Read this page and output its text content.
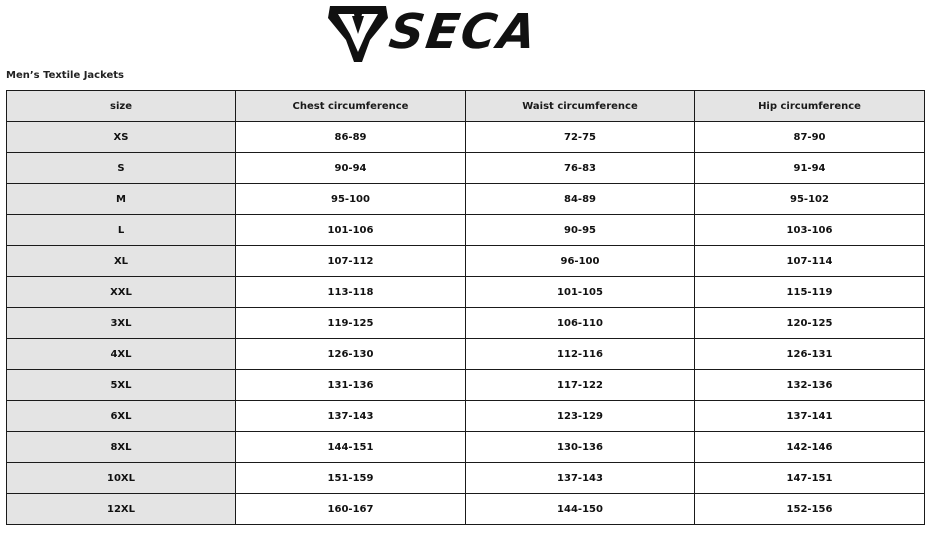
SECA
Men’s Textile Jackets
size	Chest circumference	Waist circumference	Hip circumference
XS	86-89	72-75	87-90
S	90-94	76-83	91-94
M	95-100	84-89	95-102
L	101-106	90-95	103-106
XL	107-112	96-100	107-114
XXL	113-118	101-105	115-119
3XL	119-125	106-110	120-125
4XL	126-130	112-116	126-131
5XL	131-136	117-122	132-136
6XL	137-143	123-129	137-141
8XL	144-151	130-136	142-146
10XL	151-159	137-143	147-151
12XL	160-167	144-150	152-156
